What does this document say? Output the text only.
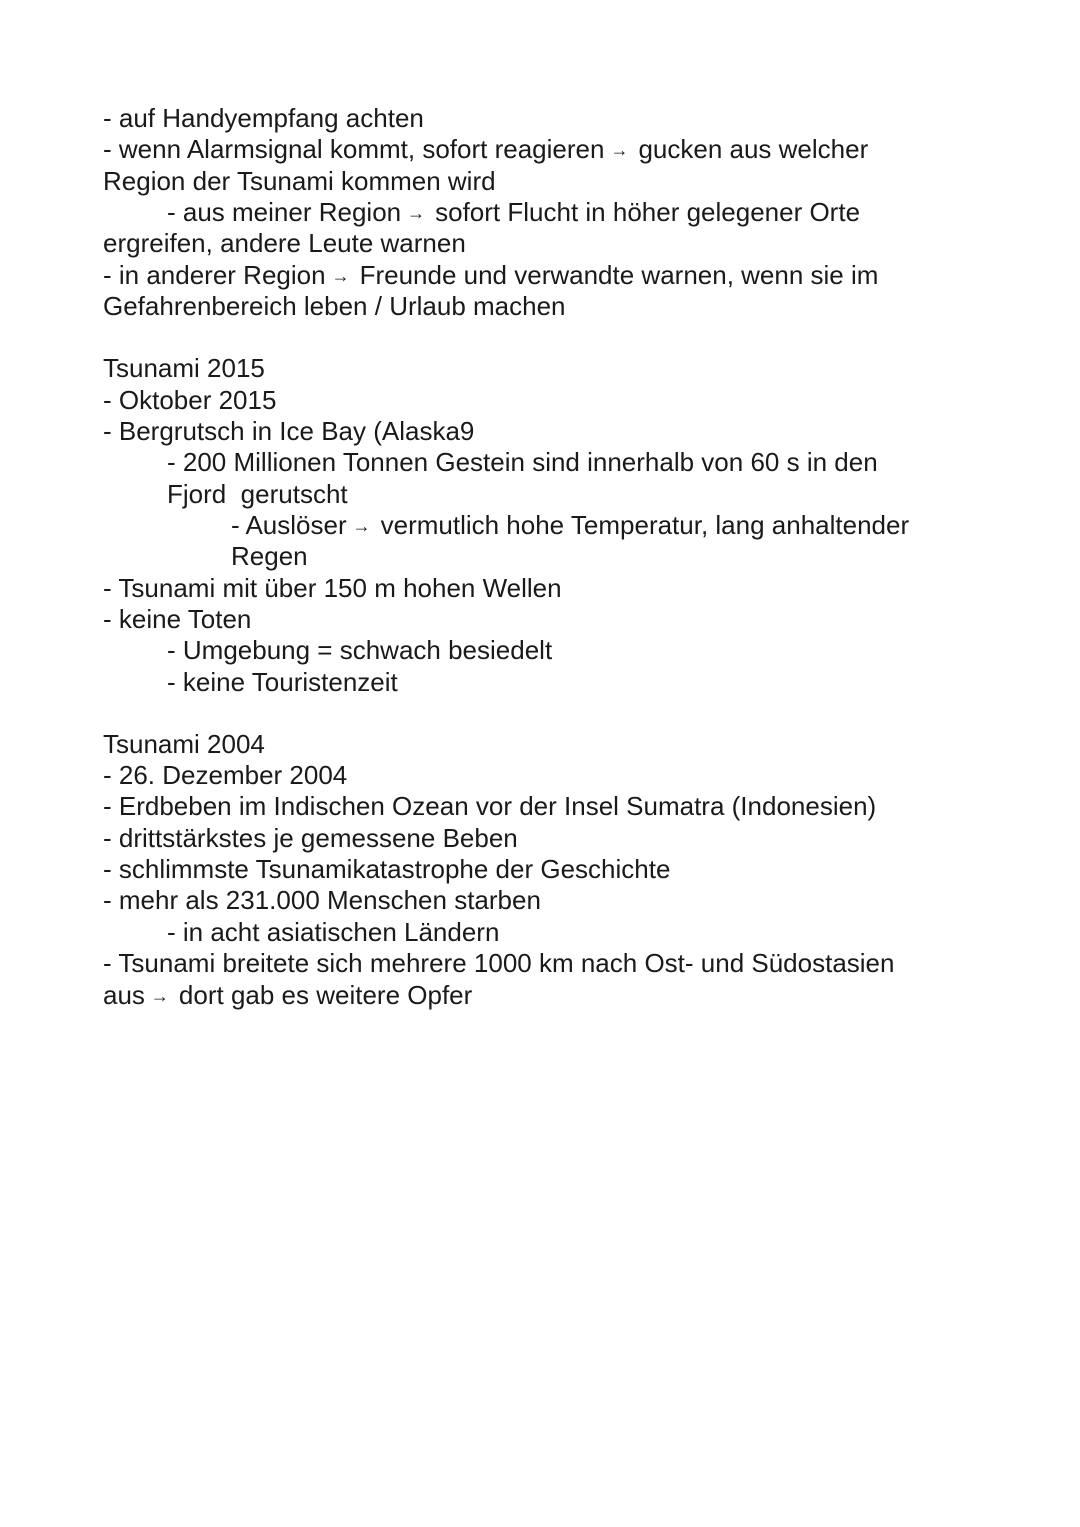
- auf Handyempfang achten
- wenn Alarmsignal kommt, sofort reagieren → gucken aus welcher
Region der Tsunami kommen wird
- aus meiner Region → sofort Flucht in höher gelegener Orte
ergreifen, andere Leute warnen
- in anderer Region → Freunde und verwandte warnen, wenn sie im
Gefahrenbereich leben / Urlaub machen
Tsunami 2015
- Oktober 2015
- Bergrutsch in Ice Bay (Alaska9
- 200 Millionen Tonnen Gestein sind innerhalb von 60 s in den
Fjord  gerutscht
- Auslöser → vermutlich hohe Temperatur, lang anhaltender
Regen
- Tsunami mit über 150 m hohen Wellen
- keine Toten
- Umgebung = schwach besiedelt
- keine Touristenzeit
Tsunami 2004
- 26. Dezember 2004
- Erdbeben im Indischen Ozean vor der Insel Sumatra (Indonesien)
- drittstärkstes je gemessene Beben
- schlimmste Tsunamikatastrophe der Geschichte
- mehr als 231.000 Menschen starben
- in acht asiatischen Ländern
- Tsunami breitete sich mehrere 1000 km nach Ost- und Südostasien
aus → dort gab es weitere Opfer
